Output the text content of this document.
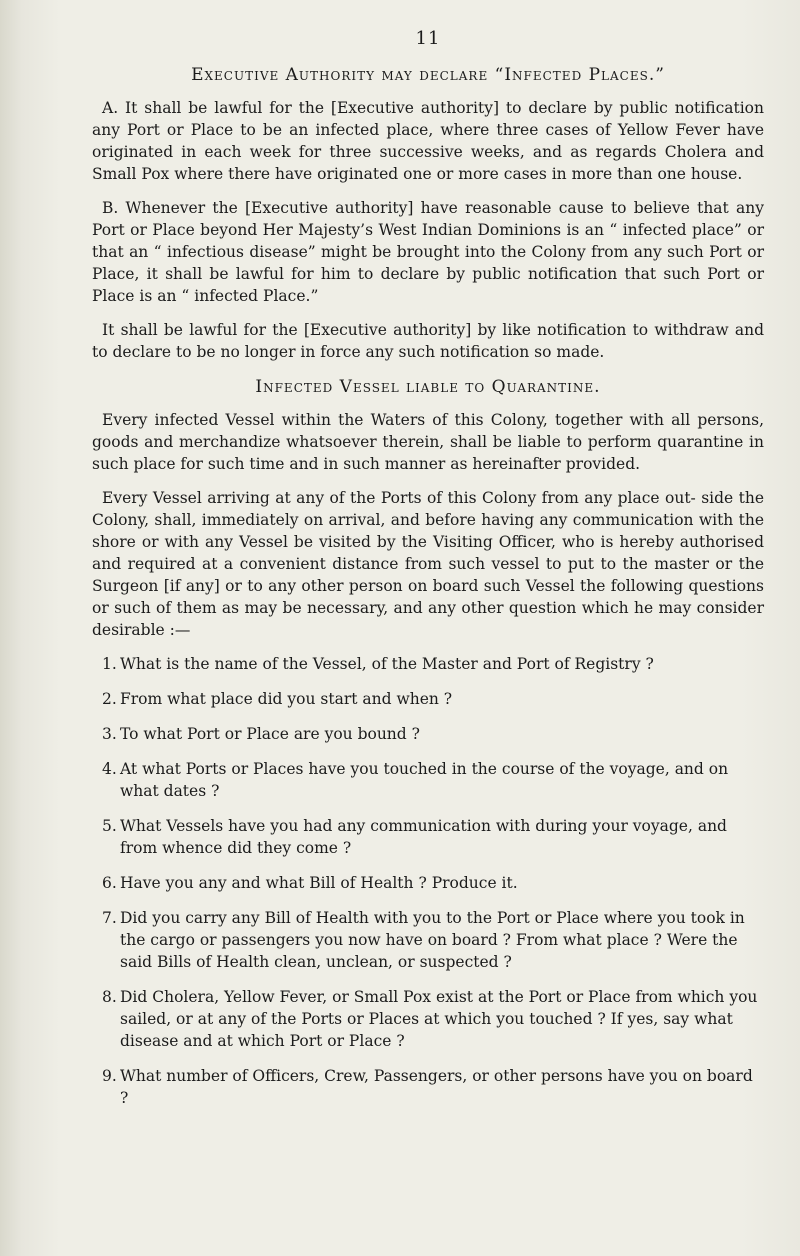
11
Executive Authority may declare “Infected Places.”

A. It shall be lawful for the [Executive authority] to declare by public notification any Port or Place to be an infected place, where three cases of Yellow Fever have originated in each week for three successive weeks, and as regards Cholera and Small Pox where there have originated one or more cases in more than one house.

B. Whenever the [Executive authority] have reasonable cause to believe that any Port or Place beyond Her Majesty’s West Indian Dominions is an “ infected place” or that an “ infectious disease” might be brought into the Colony from any such Port or Place, it shall be lawful for him to declare by public notification that such Port or Place is an “ infected Place.”

It shall be lawful for the [Executive authority] by like notification to withdraw and to declare to be no longer in force any such notification so made.

Infected Vessel liable to Quarantine.

Every infected Vessel within the Waters of this Colony, together with all persons, goods and merchandize whatsoever therein, shall be liable to perform quarantine in such place for such time and in such manner as hereinafter provided.

Every Vessel arriving at any of the Ports of this Colony from any place out- side the Colony, shall, immediately on arrival, and before having any communication with the shore or with any Vessel be visited by the Visiting Officer, who is hereby authorised and required at a convenient distance from such vessel to put to the master or the Surgeon [if any] or to any other person on board such Vessel the following questions or such of them as may be necessary, and any other question which he may consider desirable :—

1. What is the name of the Vessel, of the Master and Port of Registry ?
2. From what place did you start and when ?
3. To what Port or Place are you bound ?
4. At what Ports or Places have you touched in the course of the voyage, and on what dates ?
5. What Vessels have you had any communication with during your voyage, and from whence did they come ?
6. Have you any and what Bill of Health ? Produce it.
7. Did you carry any Bill of Health with you to the Port or Place where you took in the cargo or passengers you now have on board ? From what place ? Were the said Bills of Health clean, unclean, or suspected ?
8. Did Cholera, Yellow Fever, or Small Pox exist at the Port or Place from which you sailed, or at any of the Ports or Places at which you touched ? If yes, say what disease and at which Port or Place ?
9. What number of Officers, Crew, Passengers, or other persons have you on board ?
